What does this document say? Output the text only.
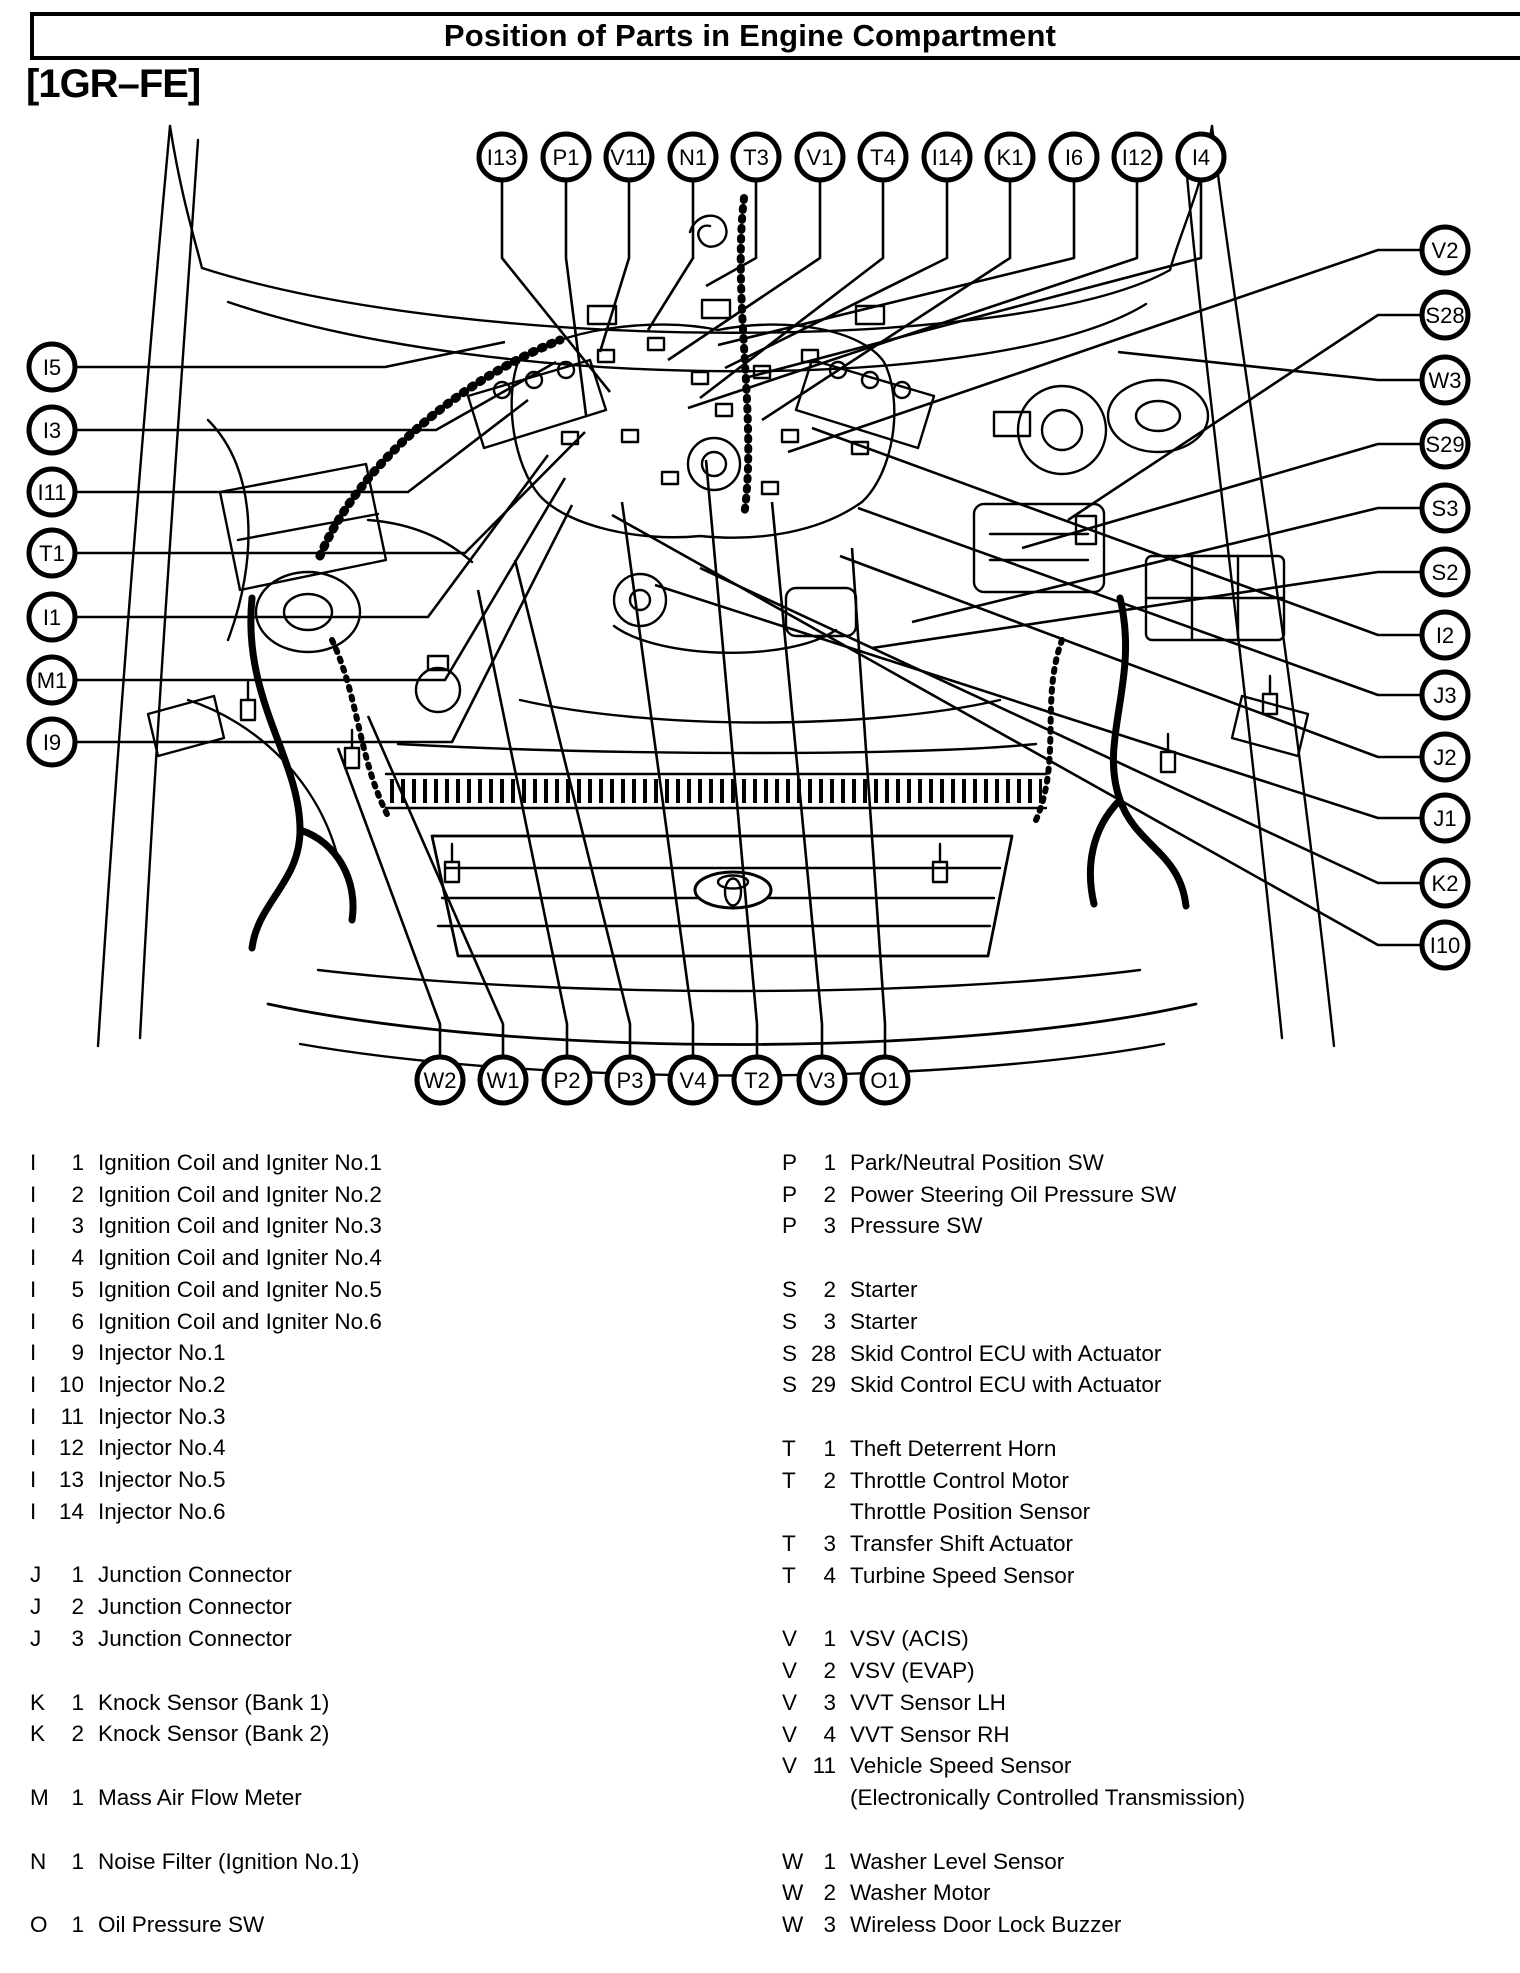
Position of Parts in Engine Compartment
[1GR–FE]
I13 P1 V11 N1 T3 V1 T4 I14 K1 I6 I12 I4
W2 W1 P2 P3 V4 T2 V3 O1
I5
I3
I11
T1
I1
M1
I9
V2
S28
W3
S29
S3
S2
I2
J3
J2
J1
K2
I10
I	1 Ignition Coil and Igniter No.1
I	2 Ignition Coil and Igniter No.2
I	3 Ignition Coil and Igniter No.3
I	4 Ignition Coil and Igniter No.4
I	5 Ignition Coil and Igniter No.5
I	6 Ignition Coil and Igniter No.6
I	9 Injector No.1
I	10 Injector No.2
I	11 Injector No.3
I	12 Injector No.4
I	13 Injector No.5
I	14 Injector No.6
J	1 Junction Connector
J	2 Junction Connector
J	3 Junction Connector
K	1 Knock Sensor (Bank 1)
K	2 Knock Sensor (Bank 2)
M	1 Mass Air Flow Meter
N	1 Noise Filter (Ignition No.1)
O	1 Oil Pressure SW
P	1 Park/Neutral Position SW
P	2 Power Steering Oil Pressure SW
P	3 Pressure SW
S	2 Starter
S	3 Starter
S 28 Skid Control ECU with Actuator
S 29 Skid Control ECU with Actuator
T	1 Theft Deterrent Horn
T	2 Throttle Control Motor
Throttle Position Sensor
T	3 Transfer Shift Actuator
T	4 Turbine Speed Sensor
V	1 VSV (ACIS)
V	2 VSV (EVAP)
V	3 VVT Sensor LH
V	4 VVT Sensor RH
V 11 Vehicle Speed Sensor
(Electronically Controlled Transmission)
W 1 Washer Level Sensor
W 2 Washer Motor
W 3 Wireless Door Lock Buzzer
